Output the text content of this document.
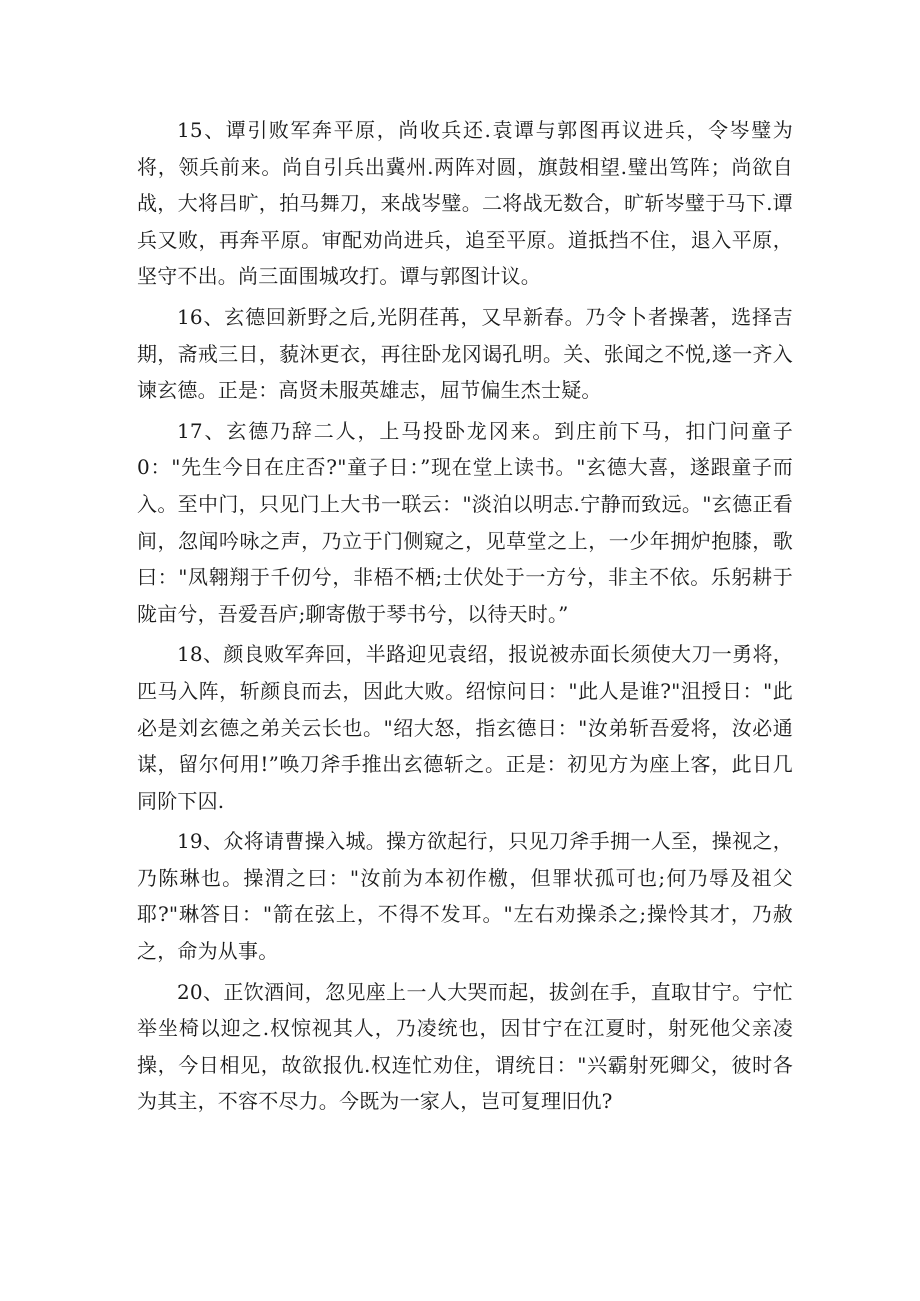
15、谭引败军奔平原，尚收兵还.袁谭与郭图再议进兵，令岑璧为将，领兵前来。尚自引兵出冀州.两阵对圆，旗鼓相望.璧出笃阵；尚欲自战，大将吕旷，拍马舞刀，来战岑璧。二将战无数合，旷斩岑璧于马下.谭兵又败，再奔平原。审配劝尚进兵，追至平原。道抵挡不住，退入平原，坚守不出。尚三面围城攻打。谭与郭图计议。

16、玄德回新野之后,光阴荏苒，又早新春。乃令卜者操著，选择吉期，斋戒三日，藐沐更衣，再往卧龙冈谒孔明。关、张闻之不悦,遂一齐入谏玄德。正是：高贤未服英雄志，屈节偏生杰士疑。

17、玄德乃辞二人，上马投卧龙冈来。到庄前下马，扣门问童子0："先生今日在庄否?"童子日：”现在堂上读书。"玄德大喜，遂跟童子而入。至中门，只见门上大书一联云："淡泊以明志.宁静而致远。"玄德正看间，忽闻吟咏之声，乃立于门侧窥之，见草堂之上，一少年拥炉抱膝，歌曰："凤翱翔于千仞兮，非梧不栖;士伏处于一方兮，非主不依。乐躬耕于陇亩兮，吾爱吾庐;聊寄傲于琴书兮，以待天时。”

18、颜良败军奔回，半路迎见袁绍，报说被赤面长须使大刀一勇将，匹马入阵，斩颜良而去，因此大败。绍惊问日："此人是谁?"沮授日："此必是刘玄德之弟关云长也。"绍大怒，指玄德日："汝弟斩吾爱将，汝必通谋，留尔何用!”唤刀斧手推出玄德斩之。正是：初见方为座上客，此日几同阶下囚.

19、众将请曹操入城。操方欲起行，只见刀斧手拥一人至，操视之，乃陈琳也。操渭之曰："汝前为本初作檄，但罪状孤可也;何乃辱及祖父耶?"琳答日："箭在弦上，不得不发耳。"左右劝操杀之;操怜其才，乃赦之，命为从事。

20、正饮酒间，忽见座上一人大哭而起，拔剑在手，直取甘宁。宁忙举坐椅以迎之.权惊视其人，乃凌统也，因甘宁在江夏时，射死他父亲凌操，今日相见，故欲报仇.权连忙劝住，谓统日："兴霸射死卿父，彼时各为其主，不容不尽力。今既为一家人，岂可复理旧仇?
